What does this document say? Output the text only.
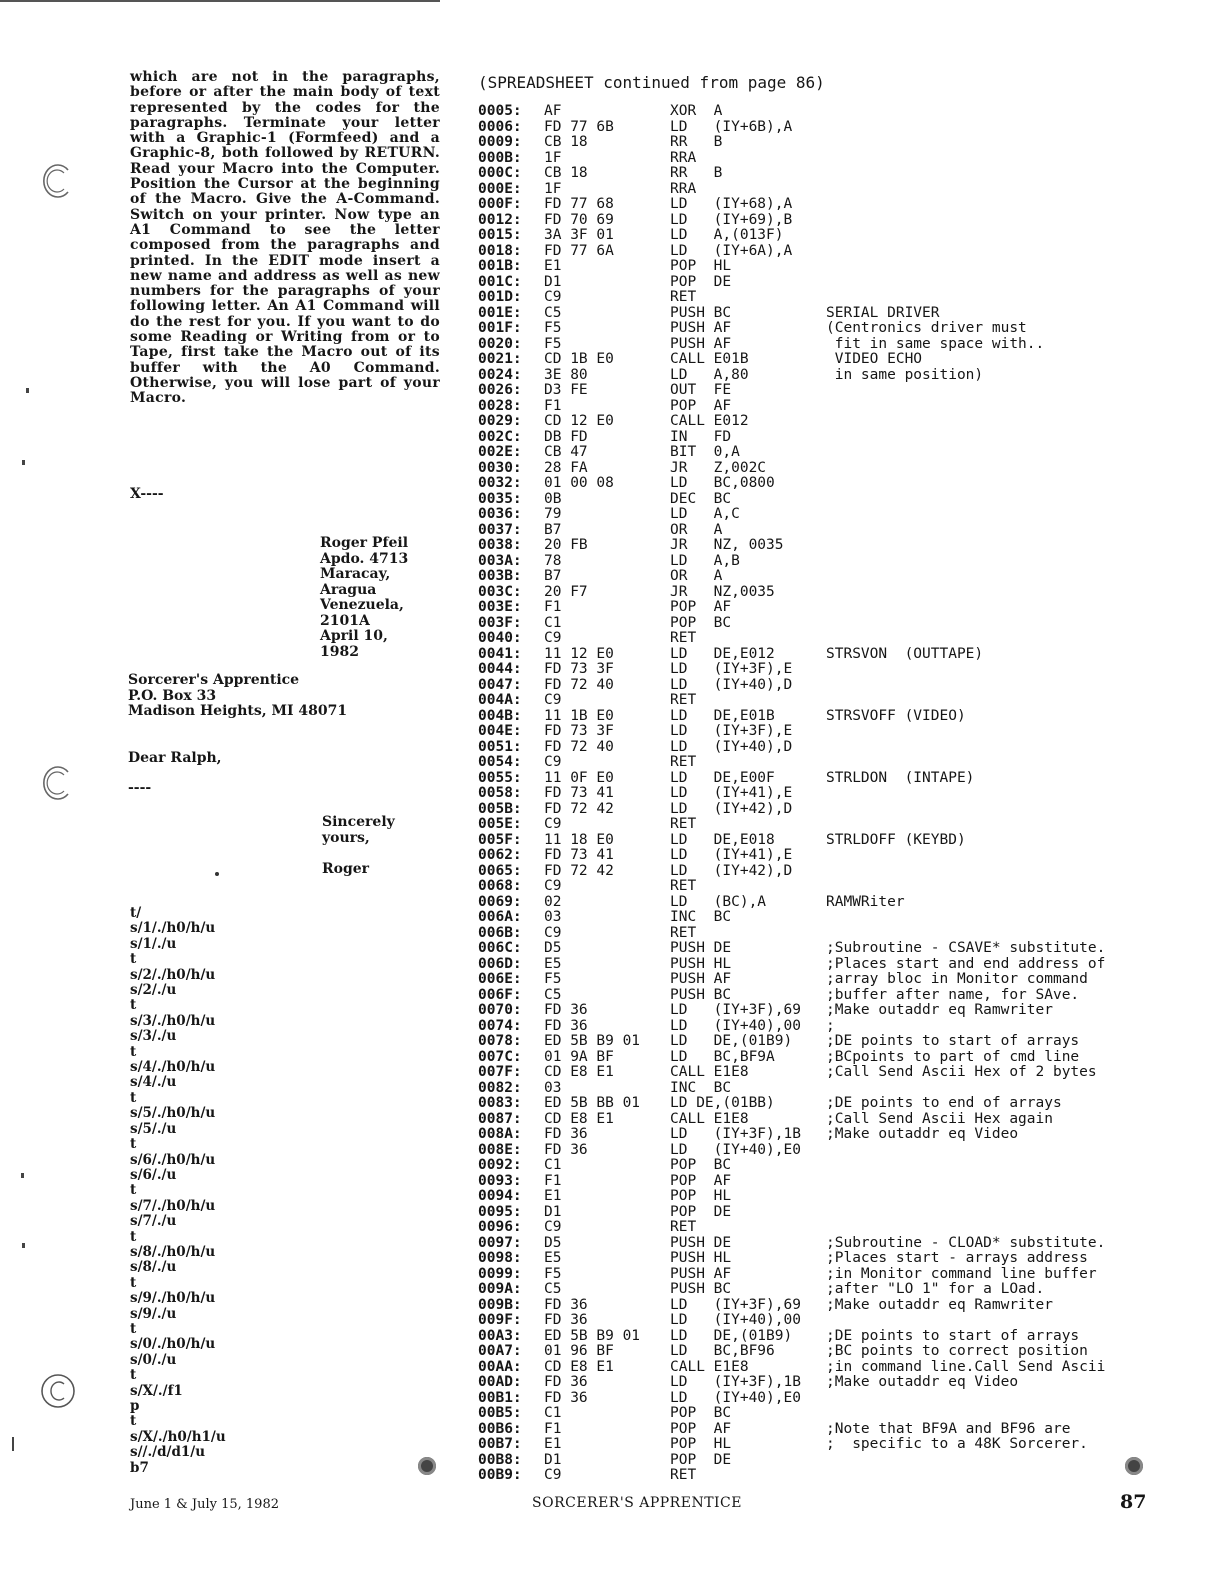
which are not in the paragraphs, before or after the main body of text represented by the codes for the paragraphs. Terminate your letter with a Graphic-1 (Formfeed) and a Graphic-8, both followed by RETURN. Read your Macro into the Computer. Position the Cursor at the beginning of the Macro. Give the A-Command. Switch on your printer. Now type an A1 Command to see the letter composed from the paragraphs and printed. In the EDIT mode insert a new name and address as well as new numbers for the paragraphs of your following letter. An A1 Command will do the rest for you. If you want to do some Reading or Writing from or to Tape, first take the Macro out of its buffer with the A0 Command. Otherwise, you will lose part of your Macro.

X----

Roger Pfeil
Apdo. 4713
Maracay,
Aragua
Venezuela,
2101A
April 10,
1982
Sorcerer's Apprentice
P.O. Box 33
Madison Heights, MI 48071

Dear Ralph,

----

Sincerely
yours,

Roger

t/
s/1/./h0/h/u
s/1/./u
t
s/2/./h0/h/u
s/2/./u
t
s/3/./h0/h/u
s/3/./u
t
s/4/./h0/h/u
s/4/./u
t
s/5/./h0/h/u
s/5/./u
t
s/6/./h0/h/u
s/6/./u
t
s/7/./h0/h/u
s/7/./u
t
s/8/./h0/h/u
s/8/./u
t
s/9/./h0/h/u
s/9/./u
t
s/0/./h0/h/u
s/0/./u
t
s/X/./f1
p
t
s/X/./h0/h1/u
s//./d/d1/u
b7

(SPREADSHEET continued from page 86)

0005: AF	XOR  A
0006: FD 77 6B	LD   (IY+6B),A
0009: CB 18	RR   B
000B: 1F	RRA
000C: CB 18	RR   B
000E: 1F	RRA
000F: FD 77 68	LD   (IY+68),A
0012: FD 70 69	LD   (IY+69),B
0015: 3A 3F 01	LD   A,(013F)
0018: FD 77 6A	LD   (IY+6A),A
001B: E1	POP  HL
001C: D1	POP  DE
001D: C9	RET
001E: C5	PUSH BC	SERIAL DRIVER
001F: F5	PUSH AF	(Centronics driver must
0020: F5	PUSH AF	fit in same space with..
0021: CD 1B E0	CALL E01B	VIDEO ECHO
0024: 3E 80	LD   A,80	in same position)
0026: D3 FE	OUT  FE
0028: F1	POP  AF
0029: CD 12 E0	CALL E012
002C: DB FD	IN   FD
002E: CB 47	BIT  0,A
0030: 28 FA	JR   Z,002C
0032: 01 00 08	LD   BC,0800
0035: 0B	DEC  BC
0036: 79	LD   A,C
0037: B7	OR   A
0038: 20 FB	JR   NZ, 0035
003A: 78	LD   A,B
003B: B7	OR   A
003C: 20 F7	JR   NZ,0035
003E: F1	POP  AF
003F: C1	POP  BC
0040: C9	RET
0041: 11 12 E0	LD   DE,E012	STRSVON  (OUTTAPE)
0044: FD 73 3F	LD   (IY+3F),E
0047: FD 72 40	LD   (IY+40),D
004A: C9	RET
004B: 11 1B E0	LD   DE,E01B	STRSVOFF (VIDEO)
004E: FD 73 3F	LD   (IY+3F),E
0051: FD 72 40	LD   (IY+40),D
0054: C9	RET
0055: 11 0F E0	LD   DE,E00F	STRLDON  (INTAPE)
0058: FD 73 41	LD   (IY+41),E
005B: FD 72 42	LD   (IY+42),D
005E: C9	RET
005F: 11 18 E0	LD   DE,E018	STRLDOFF (KEYBD)
0062: FD 73 41	LD   (IY+41),E
0065: FD 72 42	LD   (IY+42),D
0068: C9	RET
0069: 02	LD   (BC),A	RAMWRiter
006A: 03	INC  BC
006B: C9	RET
006C: D5	PUSH DE	;Subroutine - CSAVE* substitute.
006D: E5	PUSH HL	;Places start and end address of
006E: F5	PUSH AF	;array bloc in Monitor command
006F: C5	PUSH BC	;buffer after name, for SAve.
0070: FD 36	LD   (IY+3F),69 ;Make outaddr eq Ramwriter
0074: FD 36	LD   (IY+40),00 ;
0078: ED 5B B9 01 LD   DE,(01B9) ;DE points to start of arrays
007C: 01 9A BF	LD   BC,BF9A	;BCpoints to part of cmd line
007F: CD E8 E1	CALL E1E8	;Call Send Ascii Hex of 2 bytes
0082: 03	INC  BC
0083: ED 5B BB 01 LD DE,(01BB)	;DE points to end of arrays
0087: CD E8 E1	CALL E1E8	;Call Send Ascii Hex again
008A: FD 36	LD   (IY+3F),1B ;Make outaddr eq Video
008E: FD 36	LD   (IY+40),E0
0092: C1	POP  BC
0093: F1	POP  AF
0094: E1	POP  HL
0095: D1	POP  DE
0096: C9	RET
0097: D5	PUSH DE	;Subroutine - CLOAD* substitute.
0098: E5	PUSH HL	;Places start - arrays address
0099: F5	PUSH AF	;in Monitor command line buffer
009A: C5	PUSH BC	;after "LO 1" for a LOad.
009B: FD 36	LD   (IY+3F),69 ;Make outaddr eq Ramwriter
009F: FD 36	LD   (IY+40),00
00A3: ED 5B B9 01 LD   DE,(01B9) ;DE points to start of arrays
00A7: 01 96 BF	LD   BC,BF96	;BC points to correct position
00AA: CD E8 E1	CALL E1E8	;in command line.Call Send Ascii
00AD: FD 36	LD   (IY+3F),1B ;Make outaddr eq Video
00B1: FD 36	LD   (IY+40),E0
00B5: C1	POP  BC
00B6: F1	POP  AF	;Note that BF9A and BF96 are
00B7: E1	POP  HL	;  specific to a 48K Sorcerer.
00B8: D1	POP  DE
00B9: C9	RET

June 1 & July 15, 1982	SORCERER'S APPRENTICE	87
